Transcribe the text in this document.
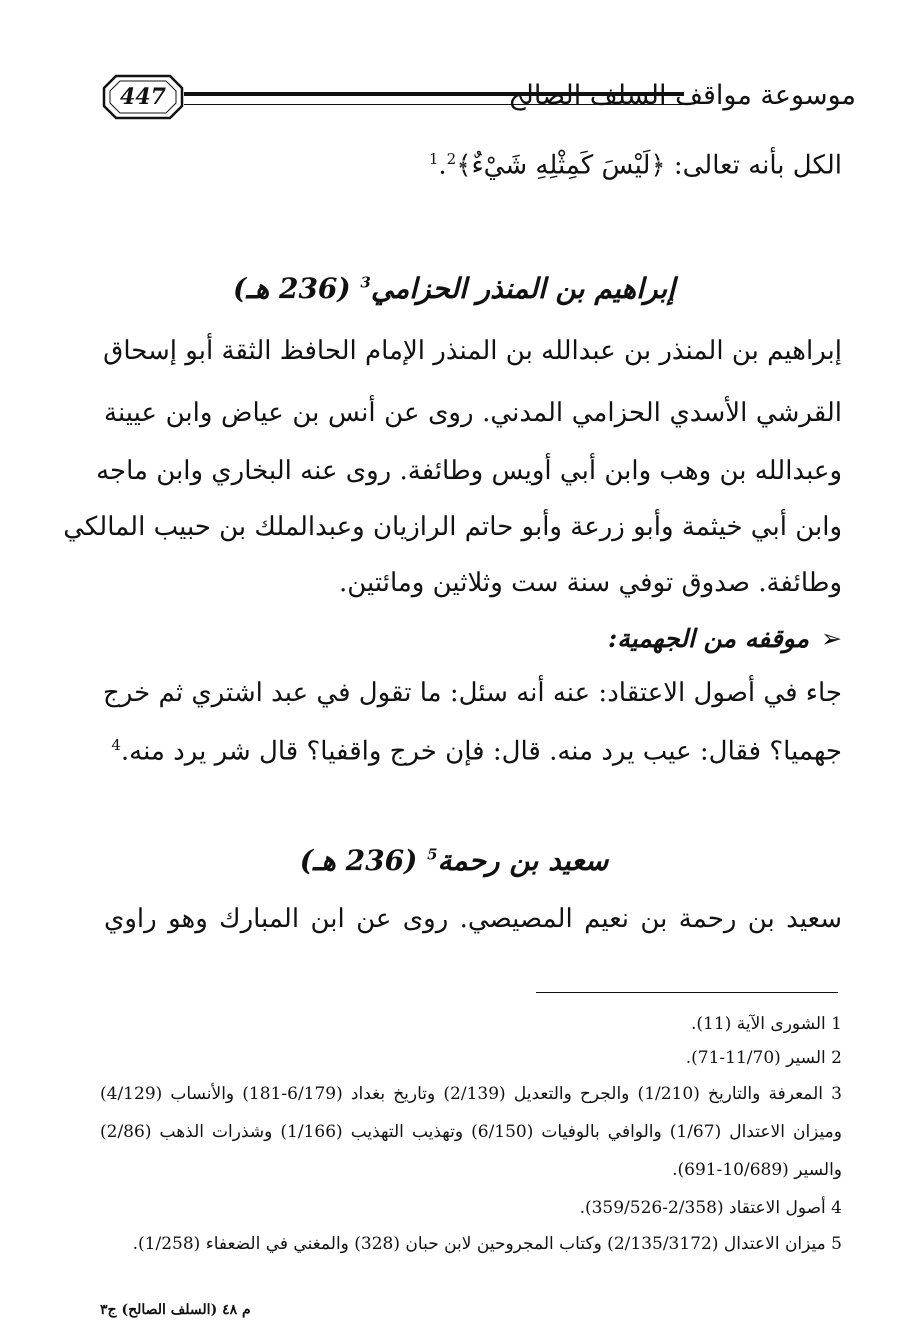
447	موسوعة مواقف السلف الصالح
الكل بأنه تعالى: ﴿لَيْسَ كَمِثْلِهِ شَيْءٌ﴾$^1$.$^2$
إبراهيم بن المنذر الحزامي$^3$ (236 هـ)
إبراهيم بن المنذر بن عبدالله بن المنذر الإمام الحافظ الثقة أبو إسحاق
القرشي الأسدي الحزامي المدني. روى عن أنس بن عياض وابن عيينة
وعبدالله بن وهب وابن أبي أويس وطائفة. روى عنه البخاري وابن ماجه
وابن أبي خيثمة وأبو زرعة وأبو حاتم الرازيان وعبدالملك بن حبيب المالكي
وطائفة. صدوق توفي سنة ست وثلاثين ومائتين.
➢موقفه من الجهمية:
جاء في أصول الاعتقاد: عنه أنه سئل: ما تقول في عبد اشتري ثم خرج
جهميا؟ فقال: عيب يرد منه. قال: فإن خرج واقفيا؟ قال شر يرد منه.$^4$
سعيد بن رحمة$^5$ (236 هـ)
سعيد بن رحمة بن نعيم المصيصي. روى عن ابن المبارك وهو راوي
1 الشورى الآية (11).
2 السير (11/70-71).
3 المعرفة والتاريخ (1/210) والجرح والتعديل (2/139) وتاريخ بغداد (6/179-181) والأنساب (4/129)
وميزان الاعتدال (1/67) والوافي بالوفيات (6/150) وتهذيب التهذيب (1/166) وشذرات الذهب (2/86)
والسير (10/689-691).
4 أصول الاعتقاد (2/358-359/526).
5 ميزان الاعتدال (2/135/3172) وكتاب المجروحين لابن حبان (328) والمغني في الضعفاء (1/258).
م ٤٨ (السلف الصالح) ج٣
